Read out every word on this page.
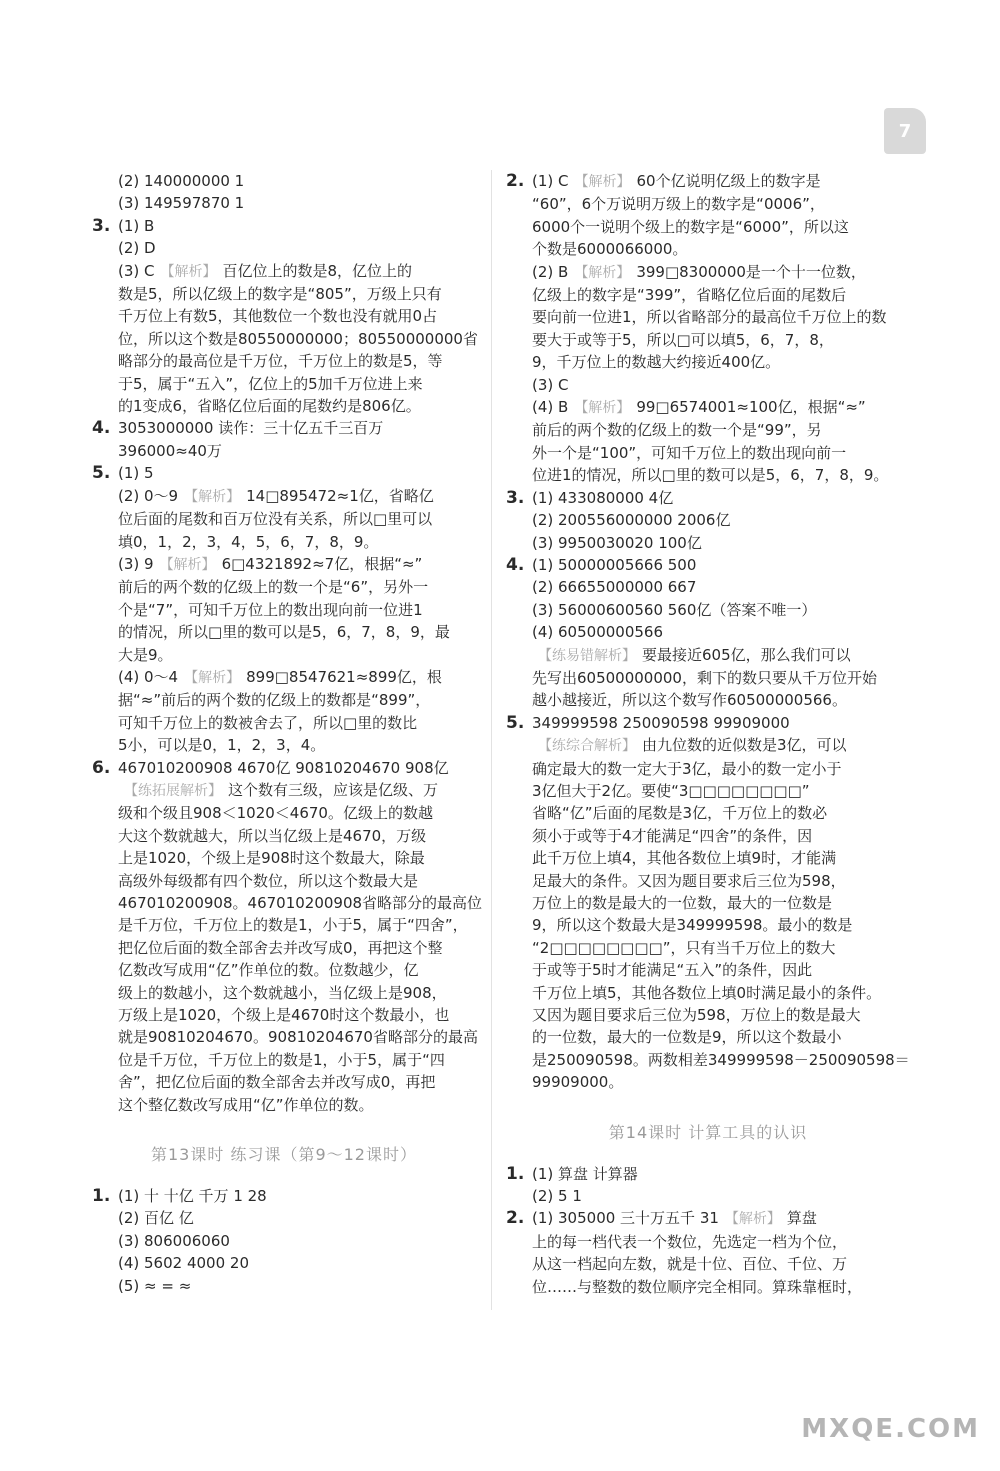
7
(2) 140000000 1
(3) 149597870 1
3. (1) B
(2) D
(3) C 【解析】 百亿位上的数是8，亿位上的
数是5，所以亿级上的数字是“805”，万级上只有
千万位上有数5，其他数位一个数也没有就用0占
位，所以这个数是80550000000；80550000000省
略部分的最高位是千万位，千万位上的数是5，等
于5，属于“五入”，亿位上的5加千万位进上来
的1变成6，省略亿位后面的尾数约是806亿。
4. 3053000000 读作：三十亿五千三百万
396000≈40万
5. (1) 5
(2) 0～9 【解析】 14□895472≈1亿，省略亿
位后面的尾数和百万位没有关系，所以□里可以
填0，1，2，3，4，5，6，7，8，9。
(3) 9 【解析】 6□4321892≈7亿，根据“≈”
前后的两个数的亿级上的数一个是“6”，另外一
个是“7”，可知千万位上的数出现向前一位进1
的情况，所以□里的数可以是5，6，7，8，9，最
大是9。
(4) 0～4 【解析】 899□8547621≈899亿，根
据“≈”前后的两个数的亿级上的数都是“899”，
可知千万位上的数被舍去了，所以□里的数比
5小，可以是0，1，2，3，4。
6. 467010200908 4670亿 90810204670 908亿
【练拓展解析】 这个数有三级，应该是亿级、万
级和个级且908＜1020＜4670。亿级上的数越
大这个数就越大，所以当亿级上是4670，万级
上是1020，个级上是908时这个数最大，除最
高级外每级都有四个数位，所以这个数最大是
467010200908。467010200908省略部分的最高位
是千万位，千万位上的数是1，小于5，属于“四舍”，
把亿位后面的数全部舍去并改写成0，再把这个整
亿数改写成用“亿”作单位的数。位数越少，亿
级上的数越小，这个数就越小，当亿级上是908，
万级上是1020，个级上是4670时这个数最小，也
就是90810204670。90810204670省略部分的最高
位是千万位，千万位上的数是1，小于5，属于“四
舍”，把亿位后面的数全部舍去并改写成0，再把
这个整亿数改写成用“亿”作单位的数。
第13课时 练习课（第9～12课时）
1. (1) 十 十亿 千万 1 28
(2) 百亿 亿
(3) 806006060
(4) 5602 4000 20
(5) ≈ = ≈
2. (1) C 【解析】 60个亿说明亿级上的数字是
“60”，6个万说明万级上的数字是“0006”，
6000个一说明个级上的数字是“6000”，所以这
个数是6000066000。
(2) B 【解析】 399□8300000是一个十一位数，
亿级上的数字是“399”，省略亿位后面的尾数后
要向前一位进1，所以省略部分的最高位千万位上的数
要大于或等于5，所以□可以填5，6，7，8，
9，千万位上的数越大约接近400亿。
(3) C
(4) B 【解析】 99□6574001≈100亿，根据“≈”
前后的两个数的亿级上的数一个是“99”，另
外一个是“100”，可知千万位上的数出现向前一
位进1的情况，所以□里的数可以是5，6，7，8，9。
3. (1) 433080000 4亿
(2) 200556000000 2006亿
(3) 9950030020 100亿
4. (1) 50000005666 500
(2) 66655000000 667
(3) 56000600560 560亿（答案不唯一）
(4) 60500000566
【练易错解析】 要最接近605亿，那么我们可以
先写出60500000000，剩下的数只要从千万位开始
越小越接近，所以这个数写作60500000566。
5. 349999598 250090598 99909000
【练综合解析】 由九位数的近似数是3亿，可以
确定最大的数一定大于3亿，最小的数一定小于
3亿但大于2亿。要使“3□□□□□□□□”
省略“亿”后面的尾数是3亿，千万位上的数必
须小于或等于4才能满足“四舍”的条件，因
此千万位上填4，其他各数位上填9时，才能满
足最大的条件。又因为题目要求后三位为598，
万位上的数是最大的一位数，最大的一位数是
9，所以这个数最大是349999598。最小的数是
“2□□□□□□□□”，只有当千万位上的数大
于或等于5时才能满足“五入”的条件，因此
千万位上填5，其他各数位上填0时满足最小的条件。
又因为题目要求后三位为598，万位上的数是最大
的一位数，最大的一位数是9，所以这个数最小
是250090598。两数相差349999598－250090598＝
99909000。
第14课时 计算工具的认识
1. (1) 算盘 计算器
(2) 5 1
2. (1) 305000 三十万五千 31 【解析】 算盘
上的每一档代表一个数位，先选定一档为个位，
从这一档起向左数，就是十位、百位、千位、万
位……与整数的数位顺序完全相同。算珠靠框时，
MXQE.COM
